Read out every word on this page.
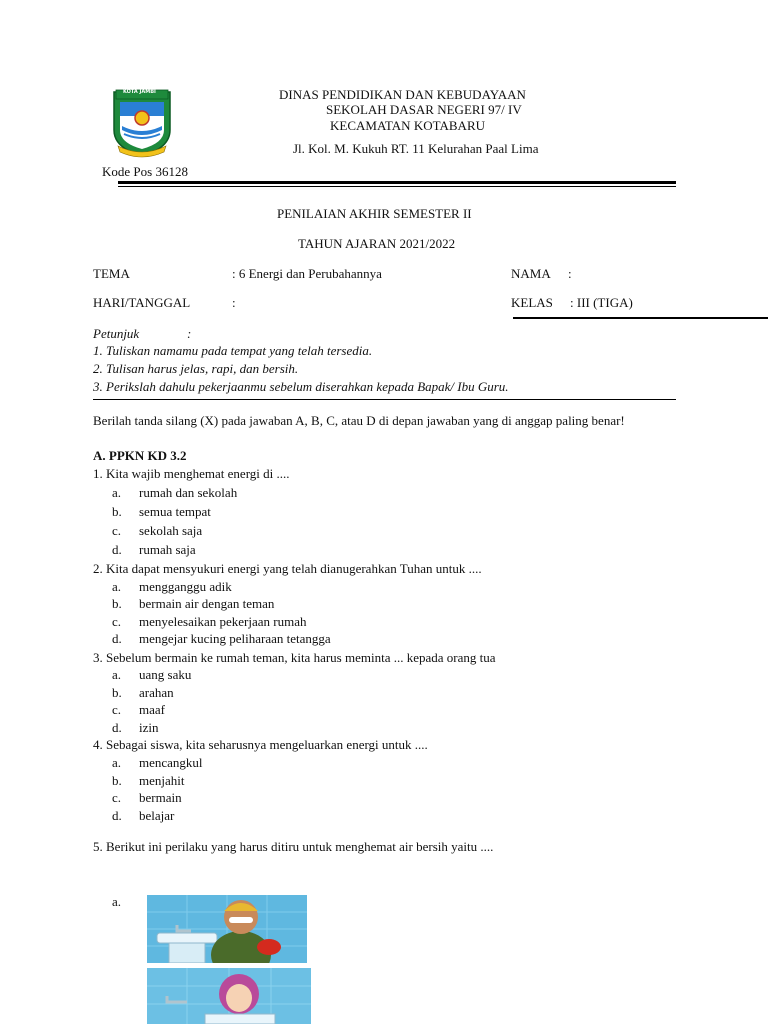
KOTA JAMBI	DINAS PENDIDIKAN DAN KEBUDAYAAN
SEKOLAH DASAR NEGERI 97/ IV
KECAMATAN KOTABARU
Jl. Kol. M. Kukuh RT. 11 Kelurahan Paal Lima
Kode Pos 36128
PENILAIAN AKHIR SEMESTER II
TAHUN AJARAN 2021/2022
TEMA	: 6 Energi dan Perubahannya	NAMA :
HARI/TANGGAL	:	KELAS : III (TIGA)
Petunjuk	:
1. Tuliskan namamu pada tempat yang telah tersedia.
2. Tulisan harus jelas, rapi, dan bersih.
3. Perikslah dahulu pekerjaanmu sebelum diserahkan kepada Bapak/ Ibu Guru.
Berilah tanda silang (X) pada jawaban A, B, C, atau D di depan jawaban yang di anggap paling benar!
A. PPKN KD 3.2
1. Kita wajib menghemat energi di ....
a. rumah dan sekolah
b. semua tempat
c. sekolah saja
d. rumah saja
2. Kita dapat mensyukuri energi yang telah dianugerahkan Tuhan untuk ....
a. mengganggu adik
b. bermain air dengan teman
c. menyelesaikan pekerjaan rumah
d. mengejar kucing peliharaan tetangga
3. Sebelum bermain ke rumah teman, kita harus meminta ... kepada orang tua
a. uang saku
b. arahan
c. maaf
d. izin
4. Sebagai siswa, kita seharusnya mengeluarkan energi untuk ....
a. mencangkul
b. menjahit
c. bermain
d. belajar
5. Berikut ini perilaku yang harus ditiru untuk menghemat air bersih yaitu ....
a.
